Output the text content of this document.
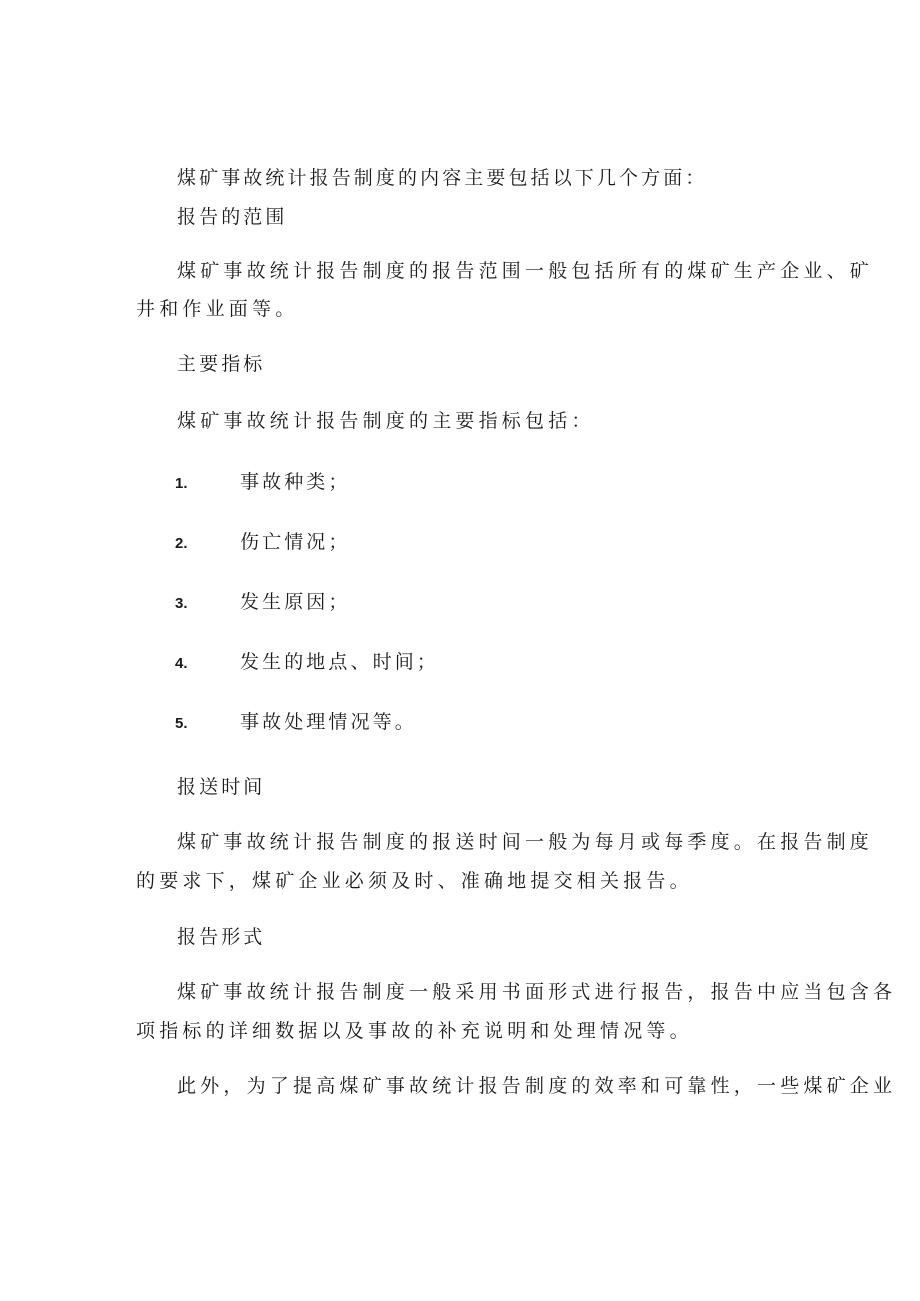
煤矿事故统计报告制度的内容主要包括以下几个方面：
报告的范围
煤矿事故统计报告制度的报告范围一般包括所有的煤矿生产企业、矿
井和作业面等。
主要指标
煤矿事故统计报告制度的主要指标包括：
1.	事故种类；
2.	伤亡情况；
3.	发生原因；
4.	发生的地点、时间；
5.	事故处理情况等。
报送时间
煤矿事故统计报告制度的报送时间一般为每月或每季度。在报告制度
的要求下，煤矿企业必须及时、准确地提交相关报告。
报告形式
煤矿事故统计报告制度一般采用书面形式进行报告，报告中应当包含各
项指标的详细数据以及事故的补充说明和处理情况等。
此外，为了提高煤矿事故统计报告制度的效率和可靠性，一些煤矿企业
